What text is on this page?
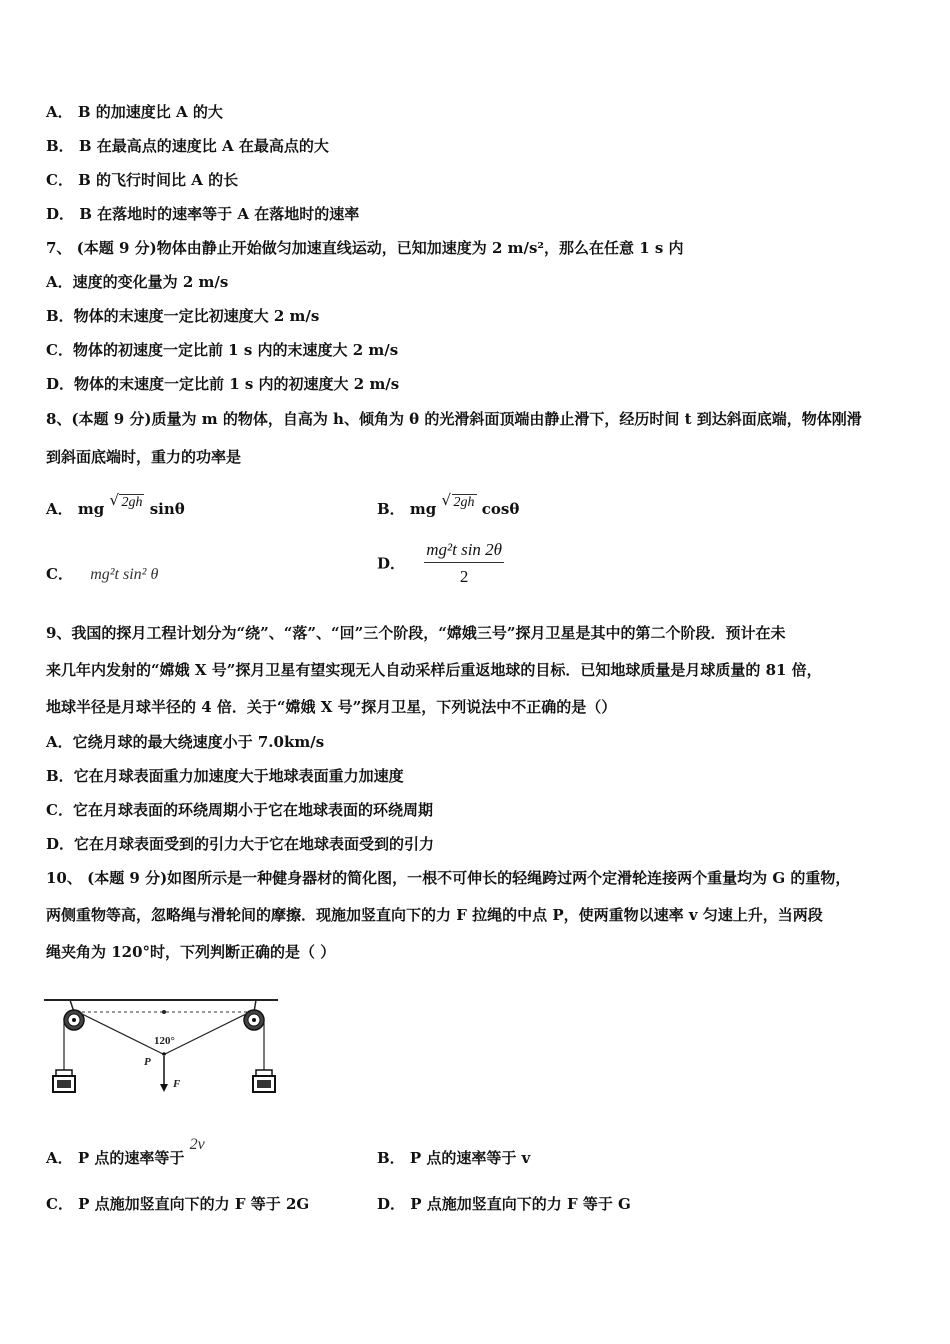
A． B 的加速度比 A 的大
B． B 在最高点的速度比 A 在最高点的大
C． B 的飞行时间比 A 的长
D． B 在落地时的速率等于 A 在落地时的速率
7、 (本题 9 分)物体由静止开始做匀加速直线运动，已知加速度为 2 m/s²，那么在任意 1 s 内
A．速度的变化量为 2 m/s
B．物体的末速度一定比初速度大 2 m/s
C．物体的初速度一定比前 1 s 内的末速度大 2 m/s
D．物体的末速度一定比前 1 s 内的初速度大 2 m/s
8、(本题 9 分)质量为 m 的物体，自高为 h、倾角为 θ 的光滑斜面顶端由静止滑下，经历时间 t 到达斜面底端，物体刚滑
到斜面底端时，重力的功率是
A． mg √ 2gh sinθ	B． mg √ 2gh cosθ
C． mg²t sin² θ
D． $\frac{\text{mg²t sin 2θ}}{2}$
9、我国的探月工程计划分为“绕”、“落”、“回”三个阶段，“嫦娥三号”探月卫星是其中的第二个阶段．预计在未
来几年内发射的“嫦娥 X 号”探月卫星有望实现无人自动采样后重返地球的目标．已知地球质量是月球质量的 81 倍，
地球半径是月球半径的 4 倍．关于“嫦娥 X 号”探月卫星，下列说法中不正确的是（）
A．它绕月球的最大绕速度小于 7.0km/s
B．它在月球表面重力加速度大于地球表面重力加速度
C．它在月球表面的环绕周期小于它在地球表面的环绕周期
D．它在月球表面受到的引力大于它在地球表面受到的引力
10、 (本题 9 分)如图所示是一种健身器材的简化图，一根不可伸长的轻绳跨过两个定滑轮连接两个重量均为 G 的重物，
两侧重物等高，忽略绳与滑轮间的摩擦．现施加竖直向下的力 F 拉绳的中点 P，使两重物以速率 v 匀速上升，当两段
绳夹角为 120°时，下列判断正确的是（ ）
120°
P
F
A． P 点的速率等于 2v
B． P 点的速率等于 v
C． P 点施加竖直向下的力 F 等于 2G	D． P 点施加竖直向下的力 F 等于 G
